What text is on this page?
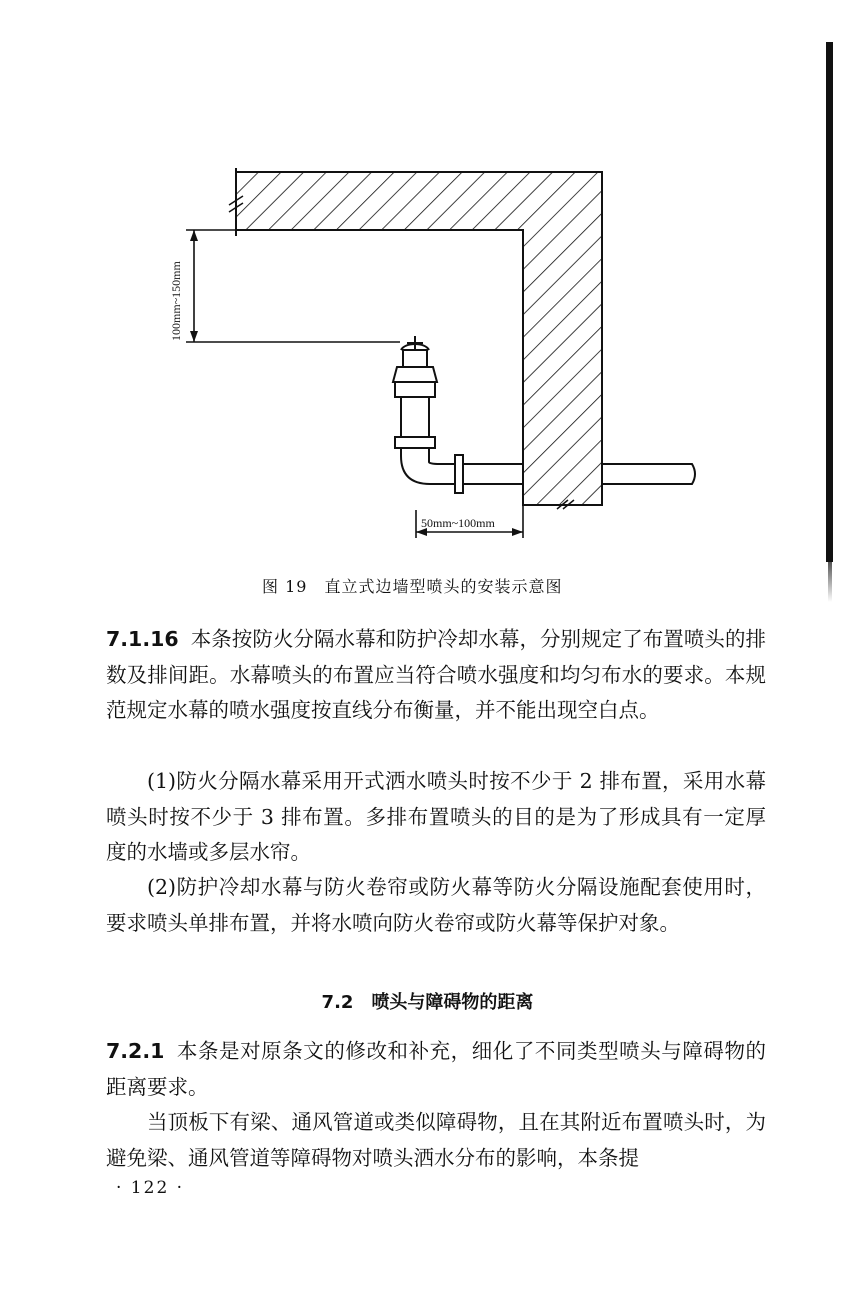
100mm~150mm
50mm~100mm
图 19　直立式边墙型喷头的安装示意图

7.1.16 本条按防火分隔水幕和防护冷却水幕，分别规定了布置喷头的排数及排间距。水幕喷头的布置应当符合喷水强度和均匀布水的要求。本规范规定水幕的喷水强度按直线分布衡量，并不能出现空白点。

(1)防火分隔水幕采用开式洒水喷头时按不少于 2 排布置，采用水幕喷头时按不少于 3 排布置。多排布置喷头的目的是为了形成具有一定厚度的水墙或多层水帘。

(2)防护冷却水幕与防火卷帘或防火幕等防火分隔设施配套使用时，要求喷头单排布置，并将水喷向防火卷帘或防火幕等保护对象。

7.2 喷头与障碍物的距离

7.2.1 本条是对原条文的修改和补充，细化了不同类型喷头与障碍物的距离要求。

当顶板下有梁、通风管道或类似障碍物，且在其附近布置喷头时，为避免梁、通风管道等障碍物对喷头洒水分布的影响，本条提

· 122 ·
